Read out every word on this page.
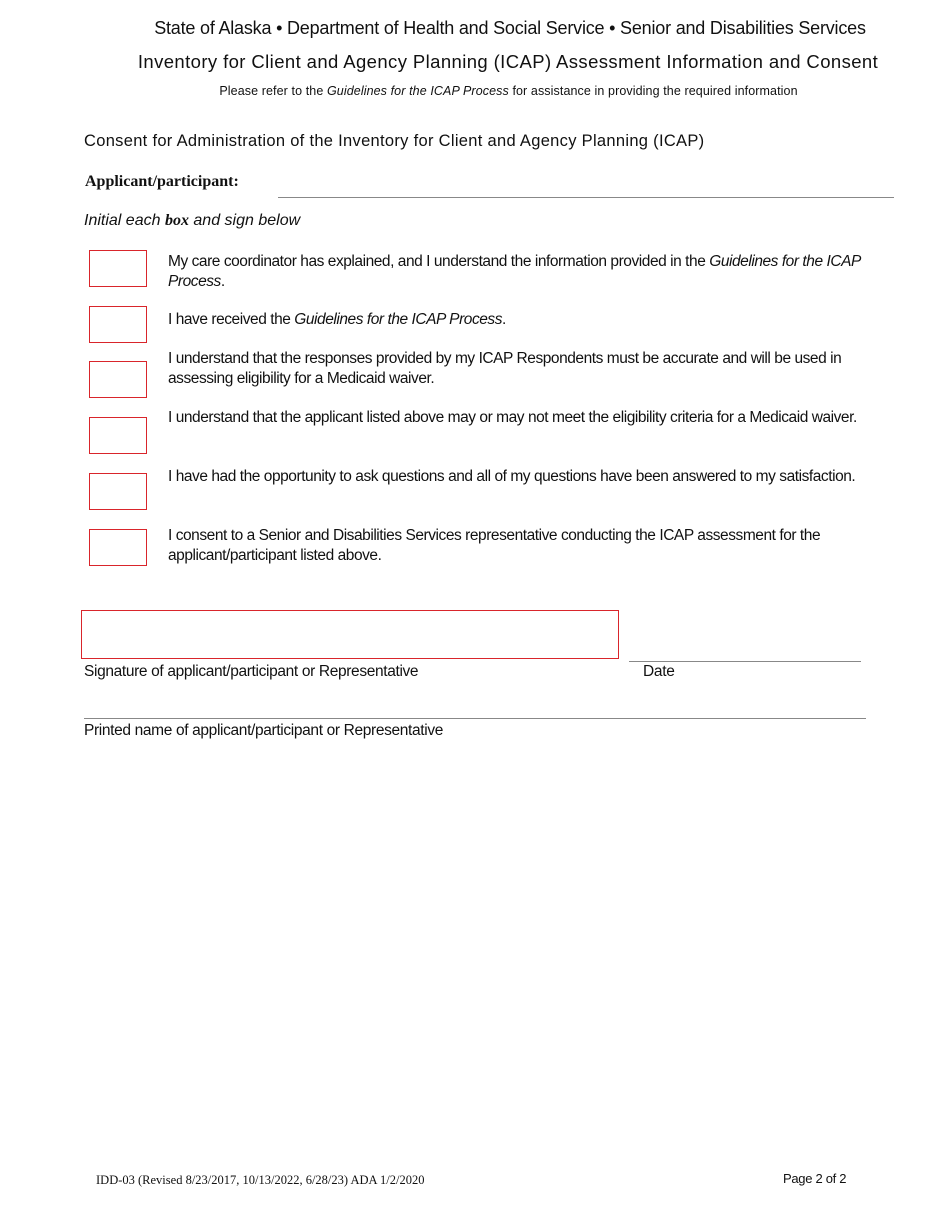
State of Alaska • Department of Health and Social Service • Senior and Disabilities Services
Inventory for Client and Agency Planning (ICAP) Assessment Information and Consent
Please refer to the Guidelines for the ICAP Process for assistance in providing the required information
Consent for Administration of the Inventory for Client and Agency Planning (ICAP)
Applicant/participant:
Initial each box and sign below
My care coordinator has explained, and I understand the information provided in the Guidelines for the ICAP Process.
I have received the Guidelines for the ICAP Process.
I understand that the responses provided by my ICAP Respondents must be accurate and will be used in assessing eligibility for a Medicaid waiver.
I understand that the applicant listed above may or may not meet the eligibility criteria for a Medicaid waiver.
I have had the opportunity to ask questions and all of my questions have been answered to my satisfaction.
I consent to a Senior and Disabilities Services representative conducting the ICAP assessment for the applicant/participant listed above.
Signature of applicant/participant or Representative	Date
Printed name of applicant/participant or Representative
IDD-03 (Revised 8/23/2017, 10/13/2022, 6/28/23) ADA 1/2/2020	Page 2 of 2
